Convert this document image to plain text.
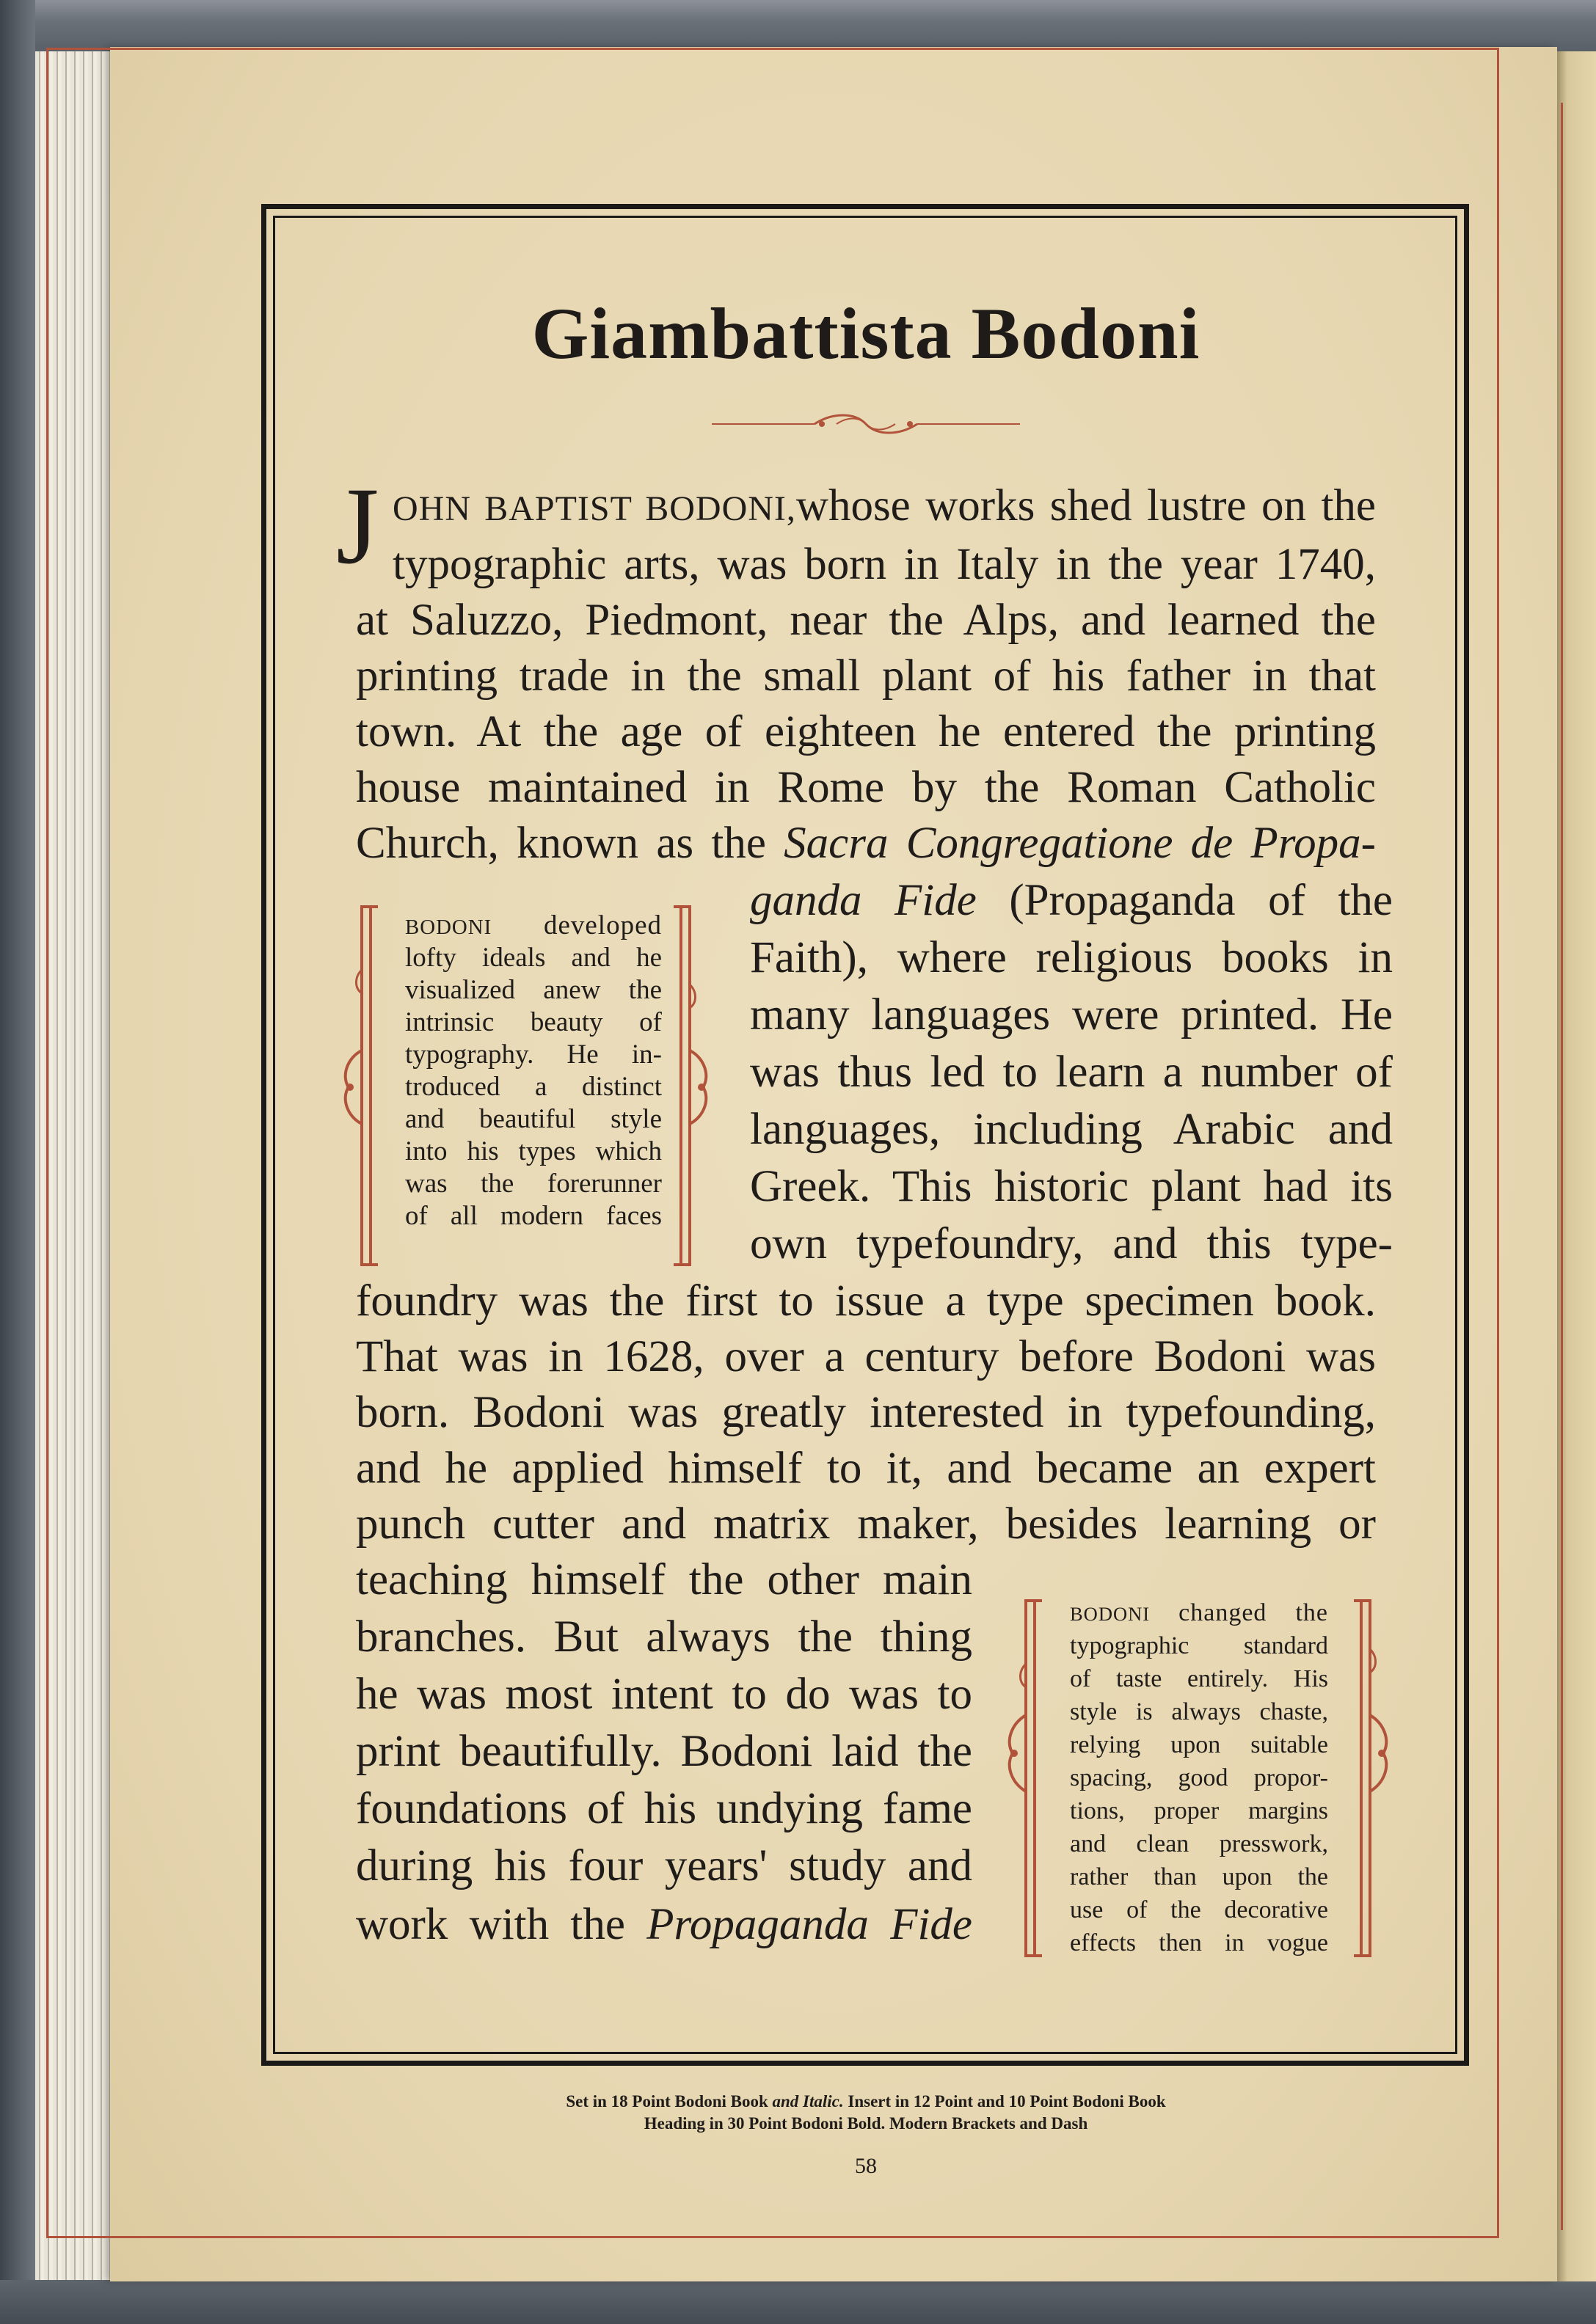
Giambattista Bodoni
J OHN BAPTIST BODONI,whose works shed lustre on the
typographic arts, was born in Italy in the year 1740,
at Saluzzo, Piedmont, near the Alps, and learned the
printing trade in the small plant of his father in that
town. At the age of eighteen he entered the printing
house maintained in Rome by the Roman Catholic
Church, known as the Sacra Congregatione de Propa-
ganda Fide (Propaganda of the
Faith), where religious books in
many languages were printed. He
was thus led to learn a number of
languages, including Arabic and
Greek. This historic plant had its
own typefoundry, and this type-
foundry was the first to issue a type specimen book.
That was in 1628, over a century before Bodoni was
born. Bodoni was greatly interested in typefounding,
and he applied himself to it, and became an expert
punch cutter and matrix maker, besides learning or
teaching himself the other main
branches. But always the thing
he was most intent to do was to
print beautifully. Bodoni laid the
foundations of his undying fame
during his four years' study and
work with the Propaganda Fide
BODONI developed
lofty ideals and he
visualized anew the
intrinsic beauty of
typography. He in-
troduced a distinct
and beautiful style
into his types which
was the forerunner
of all modern faces
BODONI changed the
typographic standard
of taste entirely. His
style is always chaste,
relying upon suitable
spacing, good propor-
tions, proper margins
and clean presswork,
rather than upon the
use of the decorative
effects then in vogue
Set in 18 Point Bodoni Book and Italic. Insert in 12 Point and 10 Point Bodoni Book
Heading in 30 Point Bodoni Bold. Modern Brackets and Dash
58
